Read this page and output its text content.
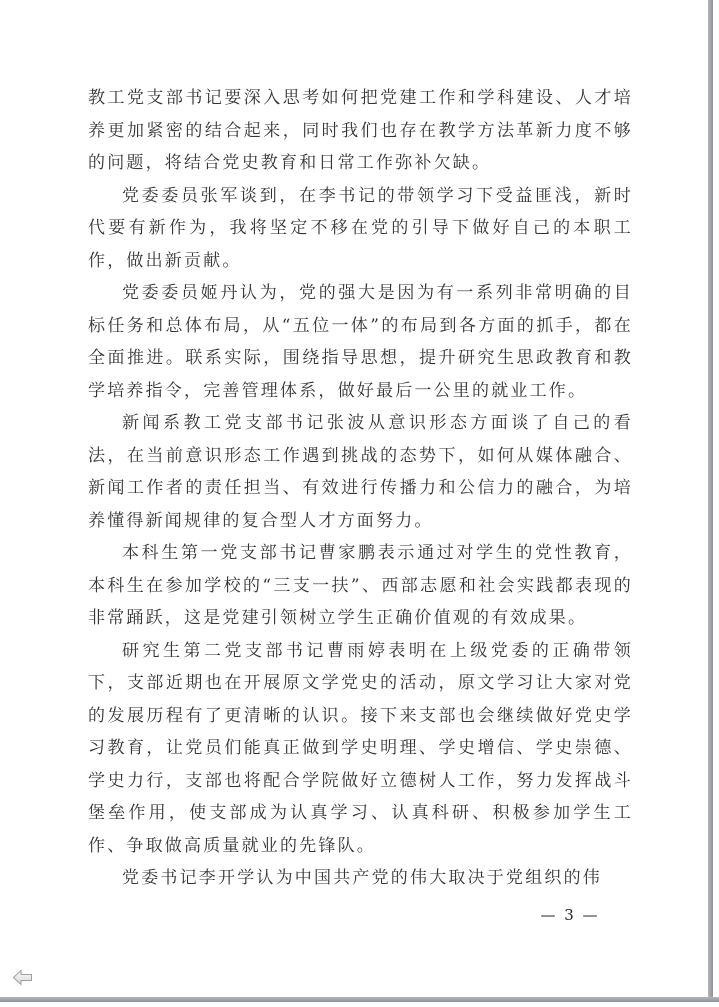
教工党支部书记要深入思考如何把党建工作和学科建设、人才培养更加紧密的结合起来，同时我们也存在教学方法革新力度不够的问题，将结合党史教育和日常工作弥补欠缺。

党委委员张军谈到，在李书记的带领学习下受益匪浅，新时代要有新作为，我将坚定不移在党的引导下做好自己的本职工作，做出新贡献。

党委委员姬丹认为，党的强大是因为有一系列非常明确的目标任务和总体布局，从“五位一体”的布局到各方面的抓手，都在全面推进。联系实际，围绕指导思想，提升研究生思政教育和教学培养指令，完善管理体系，做好最后一公里的就业工作。

新闻系教工党支部书记张波从意识形态方面谈了自己的看法，在当前意识形态工作遇到挑战的态势下，如何从媒体融合、新闻工作者的责任担当、有效进行传播力和公信力的融合，为培养懂得新闻规律的复合型人才方面努力。

本科生第一党支部书记曹家鹏表示通过对学生的党性教育，本科生在参加学校的“三支一扶”、西部志愿和社会实践都表现的非常踊跃，这是党建引领树立学生正确价值观的有效成果。

研究生第二党支部书记曹雨婷表明在上级党委的正确带领下，支部近期也在开展原文学党史的活动，原文学习让大家对党的发展历程有了更清晰的认识。接下来支部也会继续做好党史学习教育，让党员们能真正做到学史明理、学史增信、学史崇德、学史力行，支部也将配合学院做好立德树人工作，努力发挥战斗堡垒作用，使支部成为认真学习、认真科研、积极参加学生工作、争取做高质量就业的先锋队。

党委书记李开学认为中国共产党的伟大取决于党组织的伟

— 3 —
